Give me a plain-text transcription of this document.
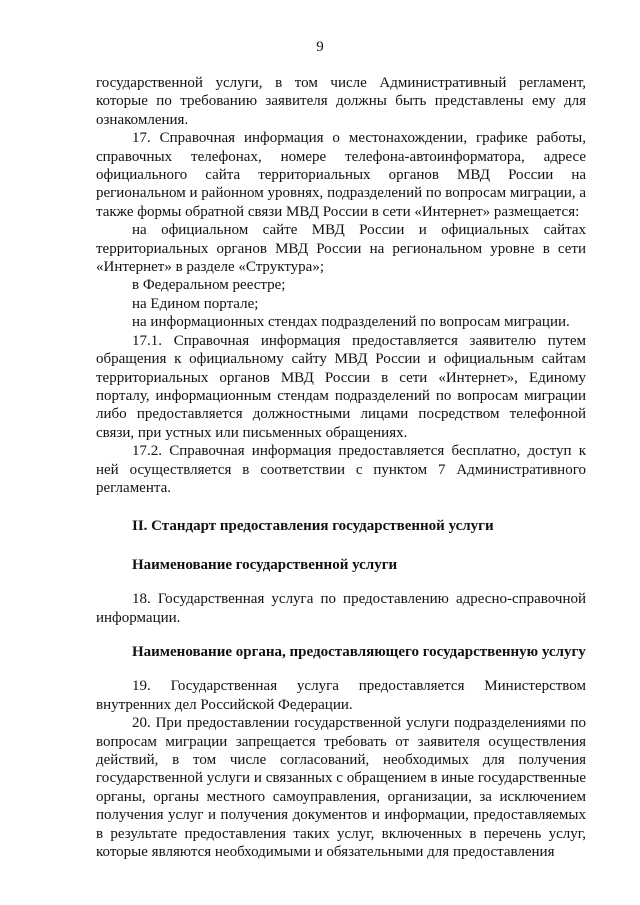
9

государственной услуги, в том числе Административный регламент, которые по требованию заявителя должны быть представлены ему для ознакомления.

17. Справочная информация о местонахождении, графике работы, справочных телефонах, номере телефона-автоинформатора, адресе официального сайта территориальных органов МВД России на региональном и районном уровнях, подразделений по вопросам миграции, а также формы обратной связи МВД России в сети «Интернет» размещается:

на официальном сайте МВД России и официальных сайтах территориальных органов МВД России на региональном уровне в сети «Интернет» в разделе «Структура»;

в Федеральном реестре;

на Едином портале;

на информационных стендах подразделений по вопросам миграции.

17.1. Справочная информация предоставляется заявителю путем обращения к официальному сайту МВД России и официальным сайтам территориальных органов МВД России в сети «Интернет», Единому порталу, информационным стендам подразделений по вопросам миграции либо предоставляется должностными лицами посредством телефонной связи, при устных или письменных обращениях.

17.2. Справочная информация предоставляется бесплатно, доступ к ней осуществляется в соответствии с пунктом 7 Административного регламента.

II. Стандарт предоставления государственной услуги

Наименование государственной услуги

18. Государственная услуга по предоставлению адресно-справочной информации.

Наименование органа, предоставляющего государственную услугу

19. Государственная услуга предоставляется Министерством внутренних дел Российской Федерации.

20. При предоставлении государственной услуги подразделениями по вопросам миграции запрещается требовать от заявителя осуществления действий, в том числе согласований, необходимых для получения государственной услуги и связанных с обращением в иные государственные органы, органы местного самоуправления, организации, за исключением получения услуг и получения документов и информации, предоставляемых в результате предоставления таких услуг, включенных в перечень услуг, которые являются необходимыми и обязательными для предоставления
